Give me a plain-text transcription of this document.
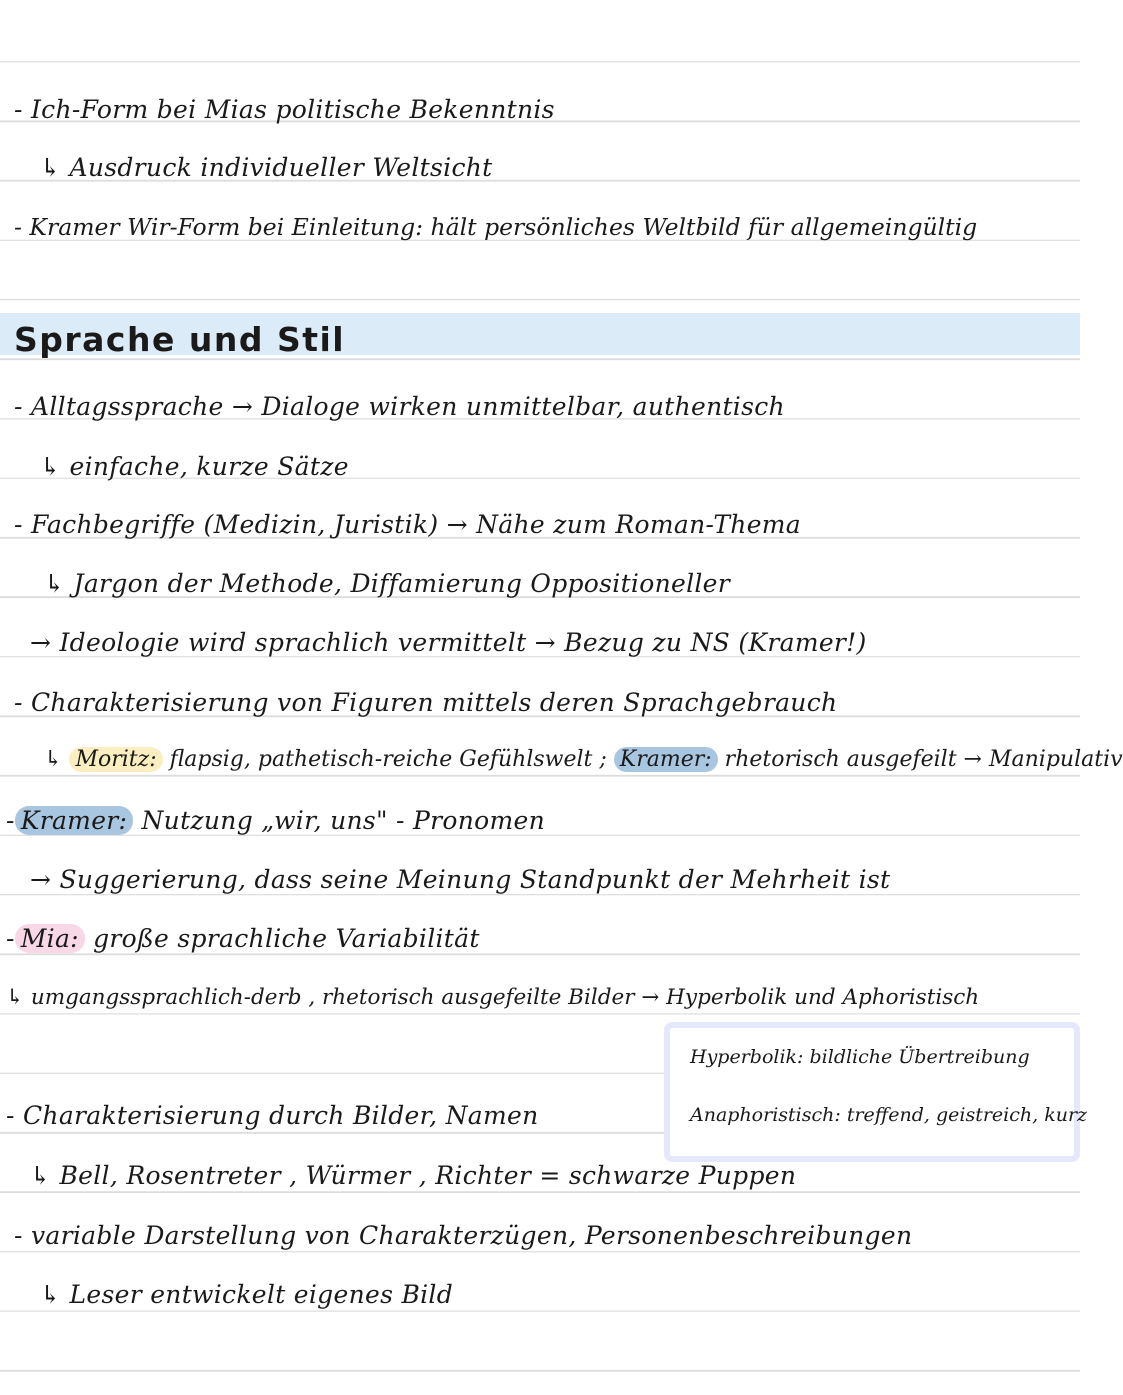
- Ich-Form bei Mias politische Bekenntnis
↳ Ausdruck individueller Weltsicht
- Kramer Wir-Form bei Einleitung: hält persönliches Weltbild für allgemeingültig
Sprache und Stil
- Alltagssprache → Dialoge wirken unmittelbar, authentisch
↳ einfache, kurze Sätze
- Fachbegriffe (Medizin, Juristik) → Nähe zum Roman-Thema
↳ Jargon der Methode, Diffamierung Oppositioneller
→ Ideologie wird sprachlich vermittelt → Bezug zu NS (Kramer!)
- Charakterisierung von Figuren mittels deren Sprachgebrauch
↳ Moritz: flapsig, pathetisch-reiche Gefühlswelt ; Kramer: rhetorisch ausgefeilt → Manipulativ
- Kramer: Nutzung „wir, uns" - Pronomen
→ Suggerierung, dass seine Meinung Standpunkt der Mehrheit ist
- Mia: große sprachliche Variabilität
↳ umgangssprachlich-derb , rhetorisch ausgefeilte Bilder → Hyperbolik und Aphoristisch
Hyperbolik: bildliche Übertreibung
Anaphoristisch: treffend, geistreich, kurz
- Charakterisierung durch Bilder, Namen
↳ Bell, Rosentreter , Würmer , Richter = schwarze Puppen
- variable Darstellung von Charakterzügen, Personenbeschreibungen
↳ Leser entwickelt eigenes Bild
